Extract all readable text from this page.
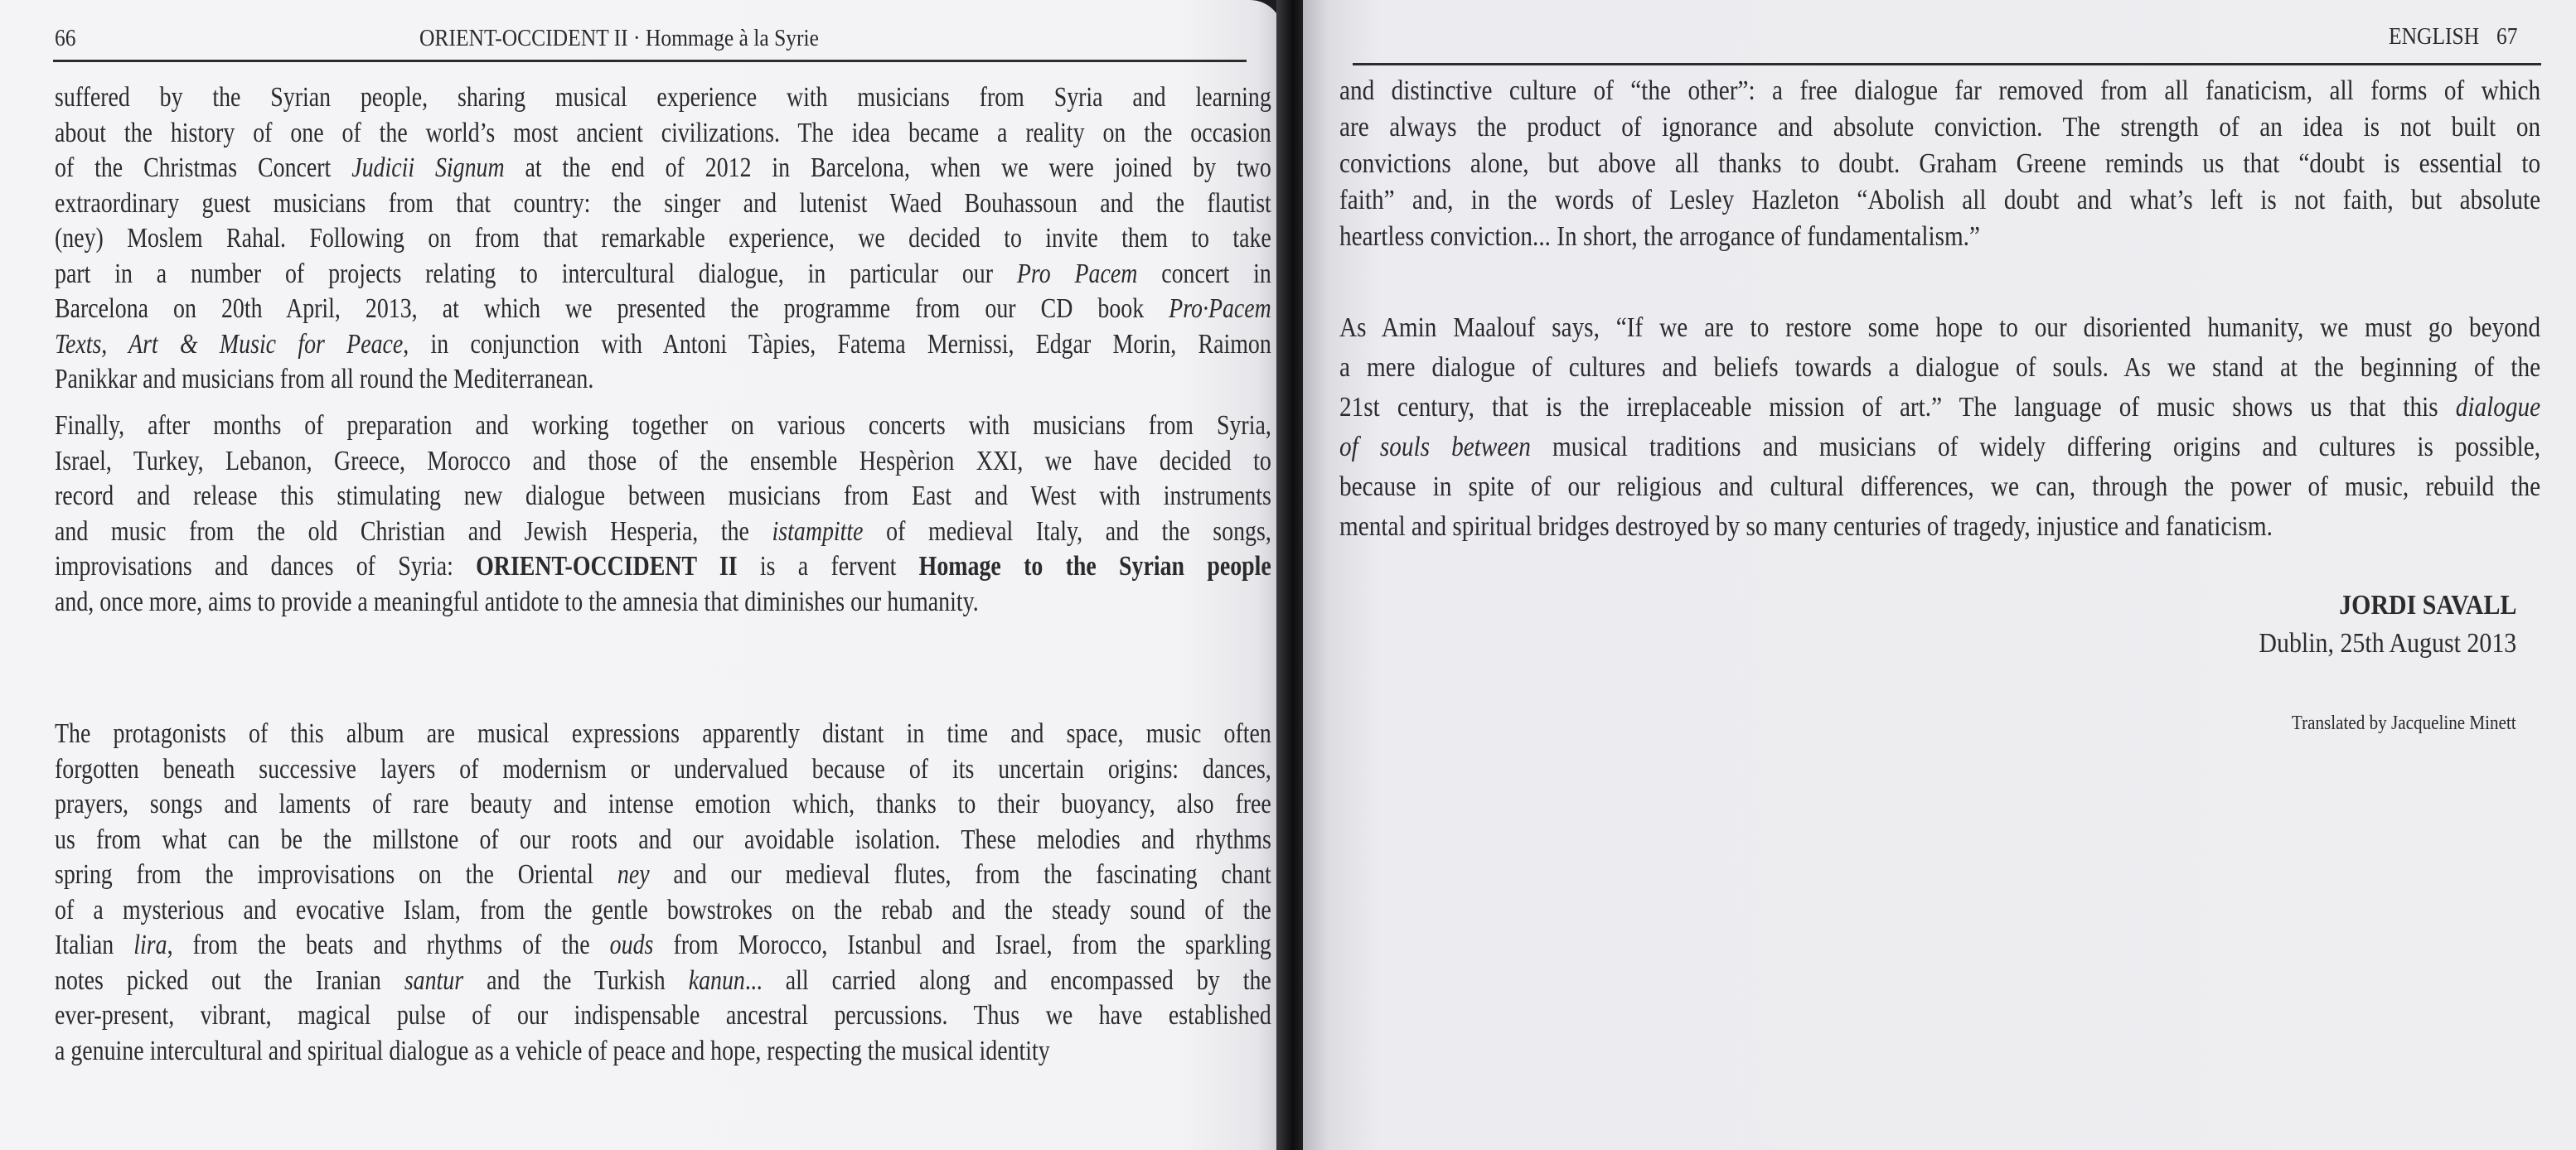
66	ORIENT-OCCIDENT II · Hommage à la Syrie
suffered by the Syrian people, sharing musical experience with musicians from Syria and learning
about the history of one of the world’s most ancient civilizations. The idea became a reality on the occasion
of the Christmas Concert Judicii Signum at the end of 2012 in Barcelona, when we were joined by two
extraordinary guest musicians from that country: the singer and lutenist Waed Bouhassoun and the flautist
(ney) Moslem Rahal. Following on from that remarkable experience, we decided to invite them to take
part in a number of projects relating to intercultural dialogue, in particular our Pro Pacem concert in
Barcelona on 20th April, 2013, at which we presented the programme from our CD book Pro·Pacem
Texts, Art & Music for Peace, in conjunction with Antoni Tàpies, Fatema Mernissi, Edgar Morin, Raimon
Panikkar and musicians from all round the Mediterranean.
Finally, after months of preparation and working together on various concerts with musicians from Syria,
Israel, Turkey, Lebanon, Greece, Morocco and those of the ensemble Hespèrion XXI, we have decided to
record and release this stimulating new dialogue between musicians from East and West with instruments
and music from the old Christian and Jewish Hesperia, the istampitte of medieval Italy, and the songs,
improvisations and dances of Syria: ORIENT-OCCIDENT II is a fervent Homage to the Syrian people
and, once more, aims to provide a meaningful antidote to the amnesia that diminishes our humanity.
The protagonists of this album are musical expressions apparently distant in time and space, music often
forgotten beneath successive layers of modernism or undervalued because of its uncertain origins: dances,
prayers, songs and laments of rare beauty and intense emotion which, thanks to their buoyancy, also free
us from what can be the millstone of our roots and our avoidable isolation. These melodies and rhythms
spring from the improvisations on the Oriental ney and our medieval flutes, from the fascinating chant
of a mysterious and evocative Islam, from the gentle bowstrokes on the rebab and the steady sound of the
Italian lira, from the beats and rhythms of the ouds from Morocco, Istanbul and Israel, from the sparkling
notes picked out the Iranian santur and the Turkish kanun... all carried along and encompassed by the
ever-present, vibrant, magical pulse of our indispensable ancestral percussions. Thus we have established
a genuine intercultural and spiritual dialogue as a vehicle of peace and hope, respecting the musical identity
ENGLISH 67
and distinctive culture of “the other”: a free dialogue far removed from all fanaticism, all forms of which
are always the product of ignorance and absolute conviction. The strength of an idea is not built on
convictions alone, but above all thanks to doubt. Graham Greene reminds us that “doubt is essential to
faith” and, in the words of Lesley Hazleton “Abolish all doubt and what’s left is not faith, but absolute
heartless conviction... In short, the arrogance of fundamentalism.”
As Amin Maalouf says, “If we are to restore some hope to our disoriented humanity, we must go beyond
a mere dialogue of cultures and beliefs towards a dialogue of souls. As we stand at the beginning of the
21st century, that is the irreplaceable mission of art.” The language of music shows us that this dialogue
of souls between musical traditions and musicians of widely differing origins and cultures is possible,
because in spite of our religious and cultural differences, we can, through the power of music, rebuild the
mental and spiritual bridges destroyed by so many centuries of tragedy, injustice and fanaticism.
JORDI SAVALL
Dublin, 25th August 2013
Translated by Jacqueline Minett
